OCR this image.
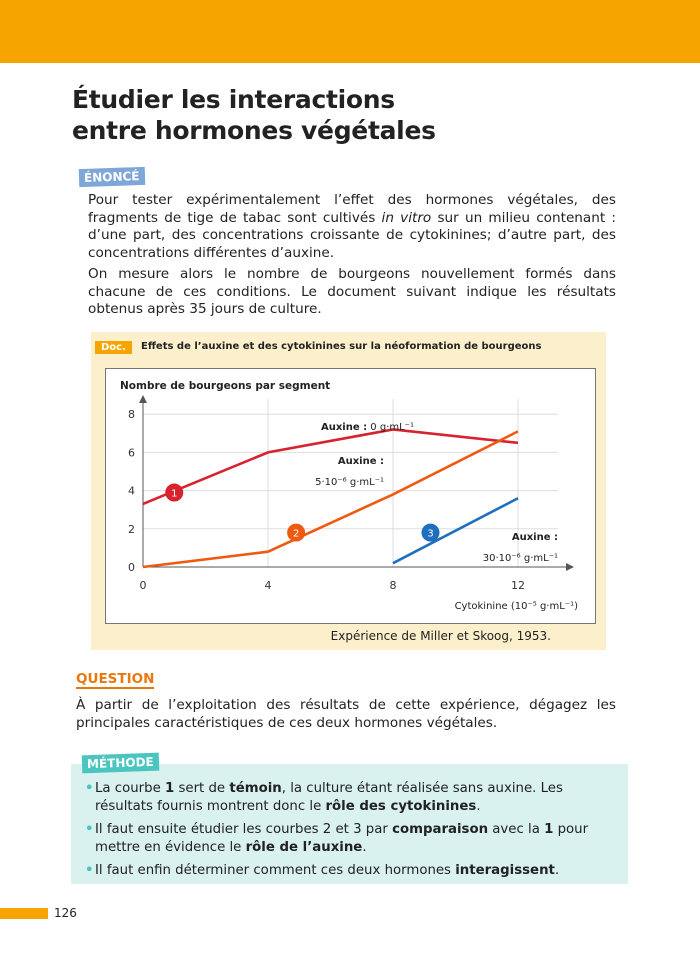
Étudier les interactions
entre hormones végétales
ÉNONCÉ
Pour tester expérimentalement l’effet des hormones végétales, des fragments de tige de tabac sont cultivés in vitro sur un milieu contenant : d’une part, des concentrations croissante de cytokinines; d’autre part, des concentrations différentes d’auxine.
On mesure alors le nombre de bourgeons nouvellement formés dans chacune de ces conditions. Le document suivant indique les résultats obtenus après 35 jours de culture.
Doc.	Effets de l’auxine et des cytokinines sur la néoformation de bourgeons
0
2
4
6
8
0	4	8	12
Nombre de bourgeons par segment
Cytokinine (10⁻⁵ g·mL⁻¹)
1
Auxine : 0 g·mL⁻¹
2
Auxine :
5·10⁻⁶ g·mL⁻¹
3	Auxine :
30·10⁻⁶ g·mL⁻¹
Expérience de Miller et Skoog, 1953.
QUESTION
À partir de l’exploitation des résultats de cette expérience, dégagez les principales caractéristiques de ces deux hormones végétales.
• La courbe 1 sert de témoin, la culture étant réalisée sans auxine. Les résultats fournis montrent donc le rôle des cytokinines.
• Il faut ensuite étudier les courbes 2 et 3 par comparaison avec la 1 pour mettre en évidence le rôle de l’auxine.
• Il faut enfin déterminer comment ces deux hormones interagissent.
MÉTHODE
126
